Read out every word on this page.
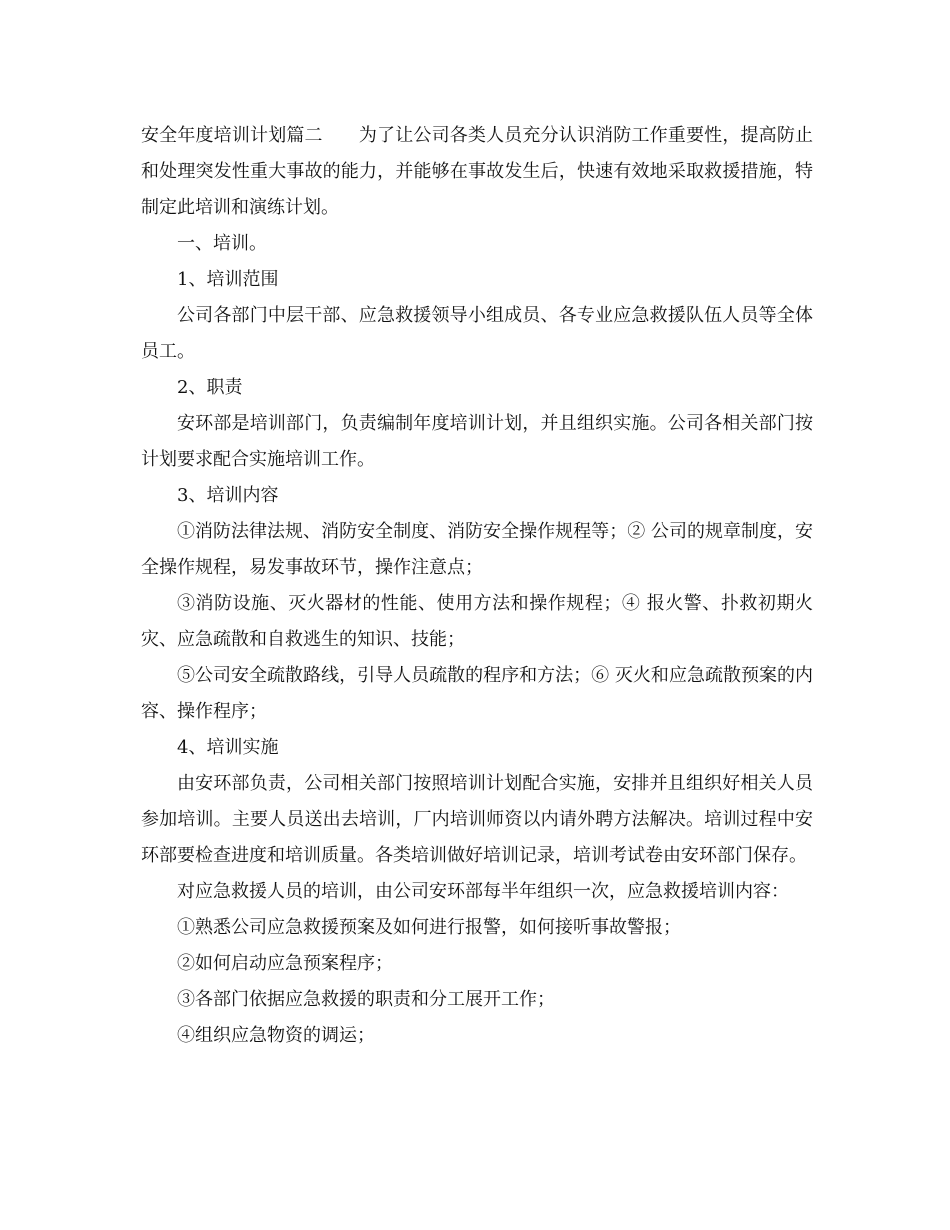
安全年度培训计划篇二 为了让公司各类人员充分认识消防工作重要性，提高防止和处理突发性重大事故的能力，并能够在事故发生后，快速有效地采取救援措施，特制定此培训和演练计划。

一、培训。

1、培训范围

公司各部门中层干部、应急救援领导小组成员、各专业应急救援队伍人员等全体员工。

2、职责

安环部是培训部门，负责编制年度培训计划，并且组织实施。公司各相关部门按计划要求配合实施培训工作。

3、培训内容

①消防法律法规、消防安全制度、消防安全操作规程等；② 公司的规章制度，安全操作规程，易发事故环节，操作注意点；

③消防设施、灭火器材的性能、使用方法和操作规程；④ 报火警、扑救初期火灾、应急疏散和自救逃生的知识、技能；

⑤公司安全疏散路线，引导人员疏散的程序和方法；⑥ 灭火和应急疏散预案的内容、操作程序；

4、培训实施

由安环部负责，公司相关部门按照培训计划配合实施，安排并且组织好相关人员参加培训。主要人员送出去培训，厂内培训师资以内请外聘方法解决。培训过程中安环部要检查进度和培训质量。各类培训做好培训记录，培训考试卷由安环部门保存。

对应急救援人员的培训，由公司安环部每半年组织一次，应急救援培训内容：

①熟悉公司应急救援预案及如何进行报警，如何接听事故警报；

②如何启动应急预案程序；

③各部门依据应急救援的职责和分工展开工作；

④组织应急物资的调运；
